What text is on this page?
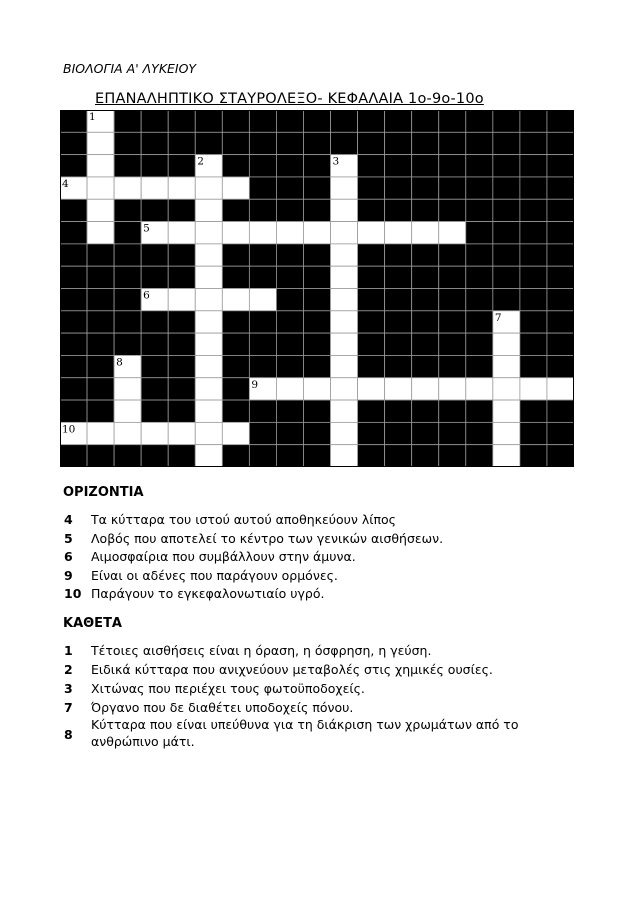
ΒΙΟΛΟΓΙΑ Α' ΛΥΚΕΙΟΥ
ΕΠΑΝΑΛΗΠΤΙΚΟ ΣΤΑΥΡΟΛΕΞΟ- ΚΕΦΑΛΑΙΑ 1ο-9ο-10ο
1
2	3
4
5
6
7
8
9
10
ΟΡΙΖΟΝΤΙΑ
4 Τα κύτταρα του ιστού αυτού αποθηκεύουν λίπος
5 Λοβός που αποτελεί το κέντρο των γενικών αισθήσεων.
6 Αιμοσφαίρια που συμβάλλουν στην άμυνα.
9 Είναι οι αδένες που παράγουν ορμόνες.
10 Παράγουν το εγκεφαλονωτιαίο υγρό.
ΚΑΘΕΤΑ
1 Τέτοιες αισθήσεις είναι η όραση, η όσφρηση, η γεύση.
2 Ειδικά κύτταρα που ανιχνεύουν μεταβολές στις χημικές ουσίες.
3 Χιτώνας που περιέχει τους φωτοϋποδοχείς.
7 Όργανο που δε διαθέτει υποδοχείς πόνου.
8
Κύτταρα που είναι υπεύθυνα για τη διάκριση των χρωμάτων από το ανθρώπινο μάτι.
